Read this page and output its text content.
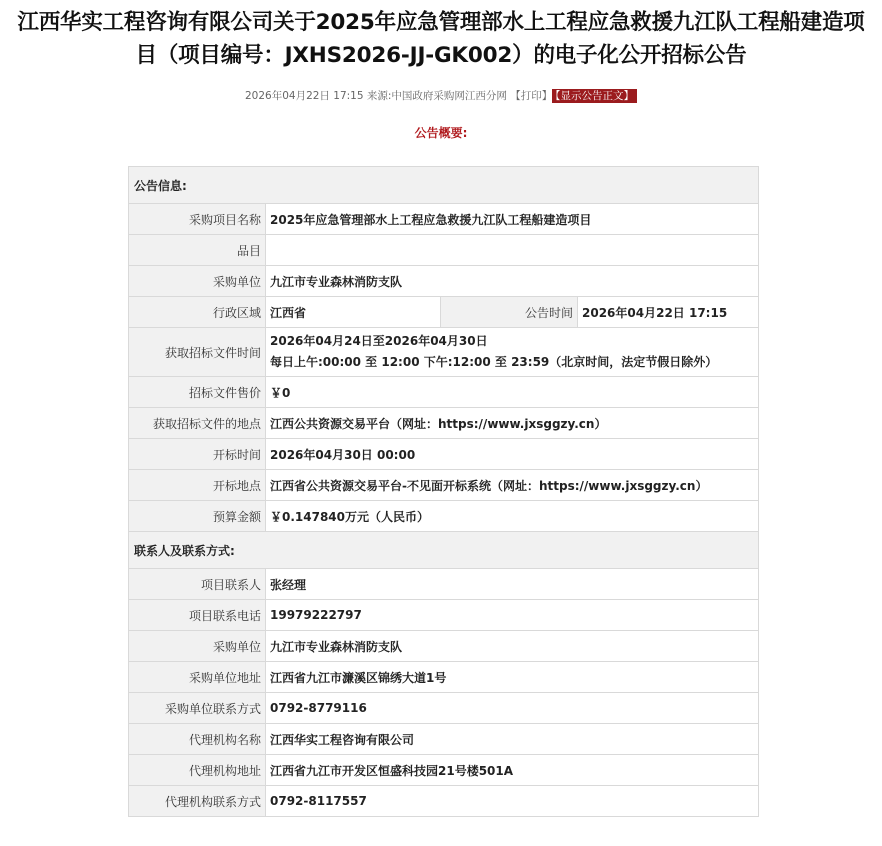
江西华实工程咨询有限公司关于2025年应急管理部水上工程应急救援九江队工程船建造项目（项目编号：JXHS2026-JJ-GK002）的电子化公开招标公告
2026年04月22日 17:15 来源:中国政府采购网江西分网 【打印】 【显示公告正文】
公告概要:
公告信息:			
采购项目名称	2025年应急管理部水上工程应急救援九江队工程船建造项目		
品目			
采购单位	九江市专业森林消防支队		
行政区域	江西省	公告时间	2026年04月22日 17:15
获取招标文件时间	2026年04月24日至2026年04月30日
每日上午:00:00 至 12:00 下午:12:00 至 23:59（北京时间，法定节假日除外）		

招标文件售价	￥0		
获取招标文件的地点	江西公共资源交易平台（网址：https://www.jxsggzy.cn）		
开标时间	2026年04月30日 00:00		
开标地点	江西省公共资源交易平台-不见面开标系统（网址：https://www.jxsggzy.cn）		
预算金额	￥0.147840万元（人民币）		
联系人及联系方式:			
项目联系人	张经理		
项目联系电话	19979222797		
采购单位	九江市专业森林消防支队		
采购单位地址	江西省九江市濂溪区锦绣大道1号		
采购单位联系方式	0792-8779116		
代理机构名称	江西华实工程咨询有限公司		
代理机构地址	江西省九江市开发区恒盛科技园21号楼501A		
代理机构联系方式	0792-8117557		
